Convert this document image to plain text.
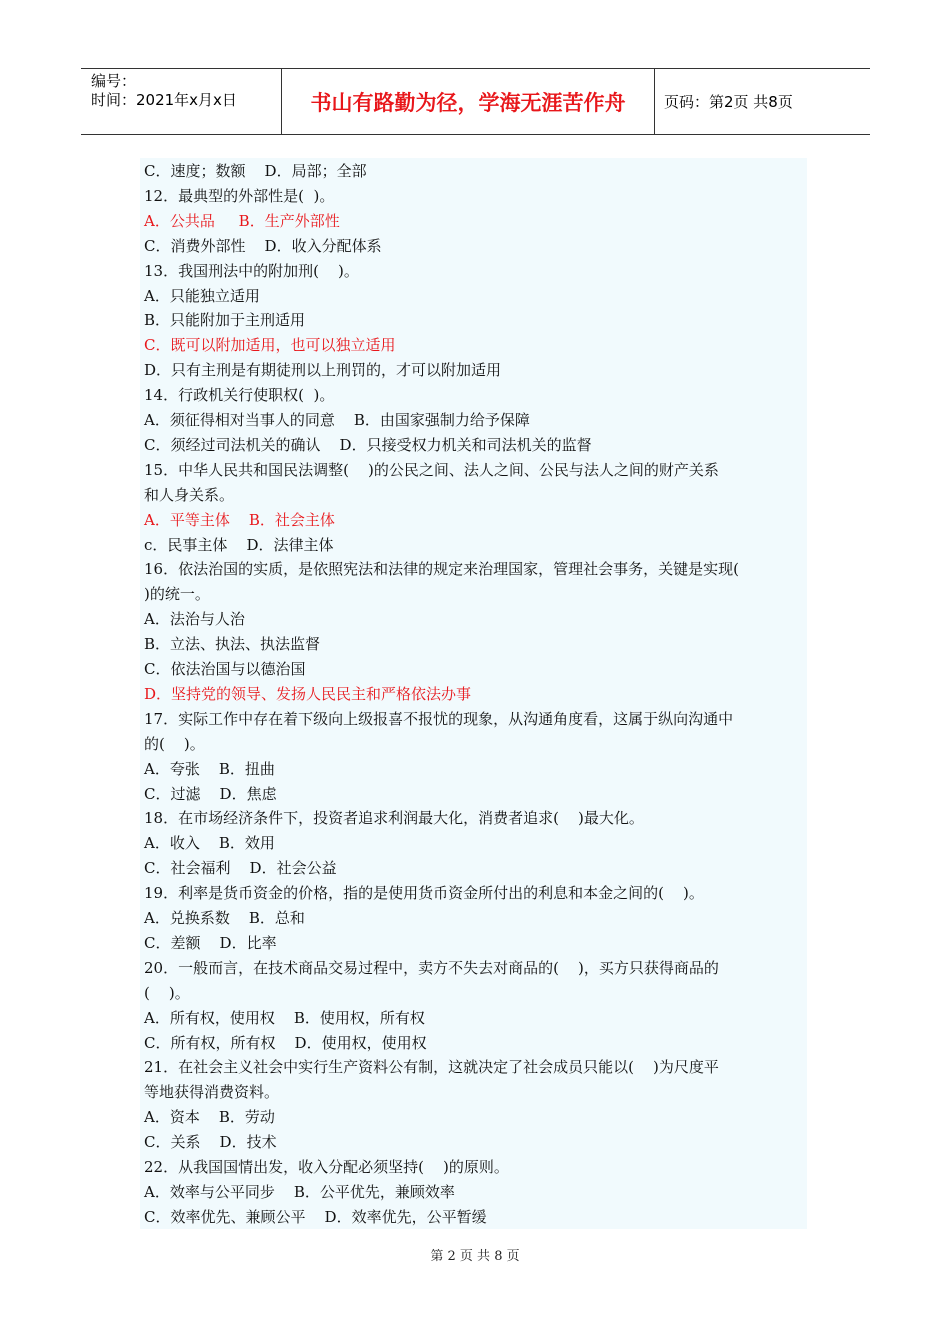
编号：
时间：2021年x月x日	书山有路勤为径，学海无涯苦作舟	页码：第2页 共8页
C．速度；数额    D．局部；全部
12．最典型的外部性是(  )。
A．公共品     B．生产外部性
C．消费外部性    D．收入分配体系
13．我国刑法中的附加刑(    )。
A．只能独立适用
B．只能附加于主刑适用
C．既可以附加适用，也可以独立适用
D．只有主刑是有期徒刑以上刑罚的，才可以附加适用
14．行政机关行使职权(  )。
A．须征得相对当事人的同意    B．由国家强制力给予保障
C．须经过司法机关的确认    D．只接受权力机关和司法机关的监督
15．中华人民共和国民法调整(    )的公民之间、法人之间、公民与法人之间的财产关系
和人身关系。
A．平等主体    B．社会主体
c．民事主体    D．法律主体
16．依法治国的实质，是依照宪法和法律的规定来治理国家，管理社会事务，关键是实现(
)的统一。
A．法治与人治
B．立法、执法、执法监督
C．依法治国与以德治国
D．坚持党的领导、发扬人民民主和严格依法办事
17．实际工作中存在着下级向上级报喜不报忧的现象，从沟通角度看，这属于纵向沟通中
的(    )。
A．夸张    B．扭曲
C．过滤    D．焦虑
18．在市场经济条件下，投资者追求利润最大化，消费者追求(    )最大化。
A．收入    B．效用
C．社会福利    D．社会公益
19．利率是货币资金的价格，指的是使用货币资金所付出的利息和本金之间的(    )。
A．兑换系数    B．总和
C．差额    D．比率
20．一般而言，在技术商品交易过程中，卖方不失去对商品的(    )，买方只获得商品的
(    )。
A．所有权，使用权    B．使用权，所有权
C．所有权，所有权    D．使用权，使用权
21．在社会主义社会中实行生产资料公有制，这就决定了社会成员只能以(    )为尺度平
等地获得消费资料。
A．资本    B．劳动
C．关系    D．技术
22．从我国国情出发，收入分配必须坚持(    )的原则。
A．效率与公平同步    B．公平优先，兼顾效率
C．效率优先、兼顾公平    D．效率优先，公平暂缓
第 2 页 共 8 页
